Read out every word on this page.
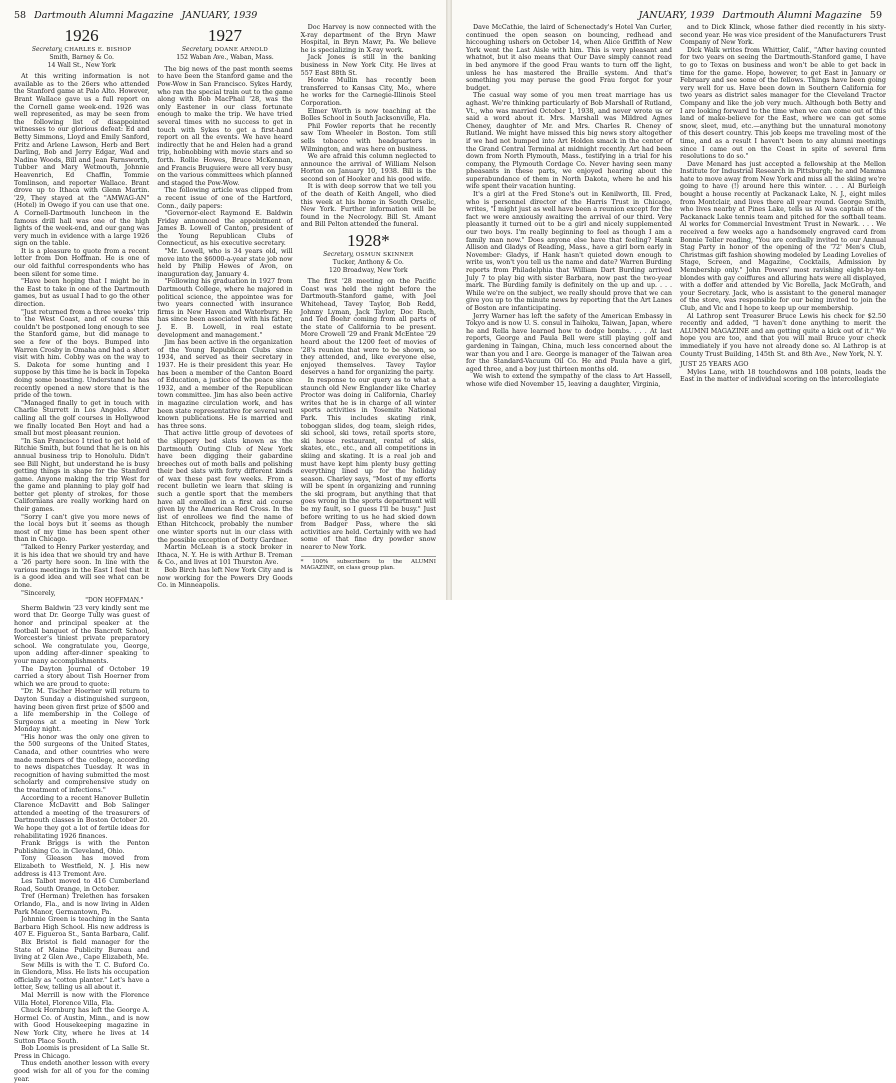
58 Dartmouth Alumni Magazine JANUARY, 1939
1926
Secretary, CHARLES E. BISHOP
Smith, Barney & Co.
14 Wall St., New York

At this writing information is not available as to the 26ers who attended the Stanford game at Palo Alto. However, Brant Wallace gave us a full report on the Cornell game week-end. 1926 was well represented, as may be seen from the following list of disappointed witnesses to our glorious defeat: Ed and Betty Simmons, Lloyd and Emily Sanford, Fritz and Arlene Lawson, Herb and Bert Darling, Bob and Jerry Edgar, Wad and Nadine Woods, Bill and Jean Farnsworth, Tubber and Mary Wetmouth, Johnnie Heavenrich, Ed Chaffin, Tommie Tomlinson, and reporter Wallace. Brant drove up to Ithaca with Glenn Martin. '29, They stayed at the "AMWAG-AN" (Hotel) in Owego if you can use that one. A Cornell-Dartmouth luncheon in the famous drill hall was one of the high lights of the week-end, and our gang was very much in evidence with a large 1926 sign on the table.

It is a pleasure to quote from a recent letter from Don Hoffman. He is one of our old faithful correspondents who has been silent for some time.

"Have been hoping that I might be in the East to take in one of the Dartmouth games, but as usual I had to go the other direction.

"Just returned from a three weeks' trip to the West Coast, and of course this couldn't be postponed long enough to see the Stanford game, but did manage to see a few of the boys. Bumped into Warren Crosby in Omaha and had a short visit with him. Cobby was on the way to S. Dakota for some hunting and I suppose by this time he is back in Topeka doing some boasting. Understand he has recently opened a new store that is the pride of the town.

"Managed finally to get in touch with Charlie Sturrett in Los Angeles. After calling all the golf courses in Hollywood we finally located Ben Hoyt and had a small but most pleasant reunion.

"In San Francisco I tried to get hold of Ritchie Smith, but found that he is on his annual business trip to Honolulu. Didn't see Bill Night, but understand he is busy getting things in shape for the Stanford game. Anyone making the trip West for the game and planning to play golf had better get plenty of strokes, for those Californians are really working hard on their games.

"Sorry I can't give you more news of the local boys but it seems as though most of my time has been spent other than in Chicago.

"Talked to Henry Parker yesterday, and it is his idea that we should try and have a '26 party here soon. In line with the various meetings in the East I feel that it is a good idea and will see what can be done.

"Sincerely,

"DON HOFFMAN."

Sherm Baldwin '23 very kindly sent me word that Dr. George Tully was guest of honor and principal speaker at the football banquet of the Bancroft School, Worcester's tiniest private preparatory school. We congratulate you, George, upon adding after-dinner speaking to your many accomplishments.

The Dayton Journal of October 19 carried a story about Tish Hoerner from which we are proud to quote:

"Dr. M. Tischer Hoerner will return to Dayton Sunday a distinguished surgeon, having been given first prize of $500 and a life membership in the College of Surgeons at a meeting in New York Monday night.

"His honor was the only one given to the 500 surgeons of the United States, Canada, and other countries who were made members of the college, according to news dispatches Tuesday. It was in recognition of having submitted the most scholarly and comprehensive study on the treatment of infections."

According to a recent Hanover Bulletin Clarence McDavitt and Bob Salinger attended a meeting of the treasurers of Dartmouth classes in Boston October 20. We hope they got a lot of fertile ideas for rehabilitating 1926 finances.

Frank Briggs is with the Penton Publishing Co. in Cleveland, Ohio.

Tony Gleason has moved from Elizabeth to Westfield, N. J. His new address is 413 Tremont Ave.

Les Talbot moved to 416 Cumberland Road, South Orange, in October.

Tref (Herman) Trelethen has forsaken Orlando, Fla., and is now living in Alden Park Manor, Germantown, Pa.

Johnnie Green is teaching in the Santa Barbara High School. His new address is 407 E. Figueroa St., Santa Barbara, Calif.

Bix Bristol is field manager for the State of Maine Publicity Bureau and living at 2 Glen Ave., Cape Elizabeth, Me.

Sew Mills is with the T. C. Buford Co. in Glendora, Miss. He lists his occupation officially as "cotton planter." Let's have a letter, Sew, telling us all about it.

Mal Merrill is now with the Florence Villa Hotel, Florence Villa, Fla.

Chuck Hornburg has left the George A. Hormel Co. of Austin, Minn., and is now with Good Housekeeping magazine in New York City, where he lives at 14 Sutton Place South.

Bob Loomis is president of La Salle St. Press in Chicago.

Thus endeth another lesson with every good wish for all of you for the coming year.

1927
Secretary, DOANE ARNOLD
152 Waban Ave., Waban, Mass.

The big news of the past month seems to have been the Stanford game and the Pow-Wow in San Francisco. Sykes Hardy, who ran the special train out to the game along with Bob MacPhail '28, was the only Eastener in our class fortunate enough to make the trip. We have tried several times with no success to get in touch with Sykes to get a first-hand report on all the events. We have heard indirectly that he and Helen had a grand trip, hobnobbing with movie stars and so forth. Rollie Howes, Bruce McKennan, and Francis Bruguiere were all very busy on the various committees which planned and staged the Pow-Wow.

The following article was clipped from a recent issue of one of the Hartford, Conn., daily papers:

"Governor-elect Raymond E. Baldwin Friday announced the appointment of James B. Lowell of Canton, president of the Young Republican Clubs of Connecticut, as his executive secretary.

"Mr. Lowell, who is 34 years old, will move into the $6000-a-year state job now held by Philip Hewes of Avon, on inauguration day, January 4.

"Following his graduation in 1927 from Dartmouth College, where he majored in political science, the appointee was for two years connected with insurance firms in New Haven and Waterbury. He has since been associated with his father, J. E. B. Lowell, in real estate development and management."

Jim has been active in the organization of the Young Republican Clubs since 1934, and served as their secretary in 1937. He is their president this year. He has been a member of the Canton Board of Education, a justice of the peace since 1932, and a member of the Republican town committee. Jim has also been active in magazine circulation work, and has been state representative for several well known publications. He is married and has three sons.

That active little group of devotees of the slippery bed slats known as the Dartmouth Outing Club of New York have been digging their gabardine breeches out of moth balls and polishing their bed slats with forty different kinds of wax these past few weeks. From a recent bulletin we learn that skiing is such a gentle sport that the members have all enrolled in a first aid course given by the American Red Cross. In the list of enrollees we find the name of Ethan Hitchcock, probably the number one winter sports nut in our class with the possible exception of Dotty Gardner.

Martin McLean is a stock broker in Ithaca, N. Y. He is with Arthur B. Treman & Co., and lives at 101 Thurston Ave.

Bob Birch has left New York City and is now working for the Powers Dry Goods Co. in Minneapolis.

Doc Harvey is now connected with the X-ray department of the Bryn Mawr Hospital, in Bryn Mawr, Pa. We believe he is specializing in X-ray work.

Jack Jones is still in the banking business in New York City. He lives at 557 East 88th St.

Howie Mullin has recently been transferred to Kansas City, Mo., where he works for the Carnegie-Illinois Steel Corporation.

Elmer Worth is now teaching at the Bolles School in South Jacksonville, Fla.

Phil Fowler reports that he recently saw Tom Wheeler in Boston. Tom still sells tobacco with headquarters in Wilmington, and was here on business.

We are afraid this column neglected to announce the arrival of William Nelson Horton on January 10, 1938. Bill is the second son of Hooker and his good wife.

It is with deep sorrow that we tell you of the death of Keith Angell, who died this week at his home in South Orselic, New York. Further information will be found in the Necrology. Bill St. Amant and Bill Pelton attended the funeral.

1928*
Secretary, OSMUN SKINNER
Tucker, Anthony & Co.
120 Broadway, New York

The first '28 meeting on the Pacific Coast was held the night before the Dartmouth-Stanford game, with Joel Whitehead, Tavey Taylor, Bob Redd, Johnny Lyman, Jack Taylor, Doc Ruch, and Ted Boehr coming from all parts of the state of California to be present. More Crowell '29 and Frank McEntee '29 heard about the 1200 feet of movies of '28's reunion that were to be shown, so they attended, and, like everyone else, enjoyed themselves. Tavey Taylor deserves a hand for organizing the party.

In response to our query as to what a staunch old New Englander like Charley Proctor was doing in California, Charley writes that he is in charge of all winter sports activities in Yosemite National Park. This includes skating rink, toboggan slides, dog team, sleigh rides, ski school, ski tows, retail sports store, ski house restaurant, rental of skis, skates, etc., etc., and all competitions in skiing and skating. It is a real job and must have kept him plenty busy getting everything lined up for the holiday season. Charley says, "Most of my efforts will be spent in organizing and running the ski program, but anything that that goes wrong in the sports department will be my fault, so I guess I'll be busy." Just before writing to us he had skied down from Badger Pass, where the ski activities are held. Certainly with we had some of that fine dry powder snow nearer to New York.

* 100% subscribers to the ALUMNI MAGAZINE, on class group plan.
JANUARY, 1939 Dartmouth Alumni Magazine 59

Dave McCathie, the laird of Schenectady's Hotel Van Curler, continued the open season on bouncing, redhead and hiccoughing ushers on October 14, when Alice Griffith of New York went the Last Aisle with him. This is very pleasant and whatnot, but it also means that Our Dave simply cannot read in bed anymore if the good Frau wants to turn off the light, unless he has mastered the Braille system. And that's something you may peruse the good Frau forgot for your budget.

The casual way some of you men treat marriage has us aghast. We're thinking particularly of Bob Marshall of Rutland, Vt., who was married October 1, 1938, and never wrote us or said a word about it. Mrs. Marshall was Mildred Agnes Cheney, daughter of Mr. and Mrs. Charles R. Cheney of Rutland. We might have missed this big news story altogether if we had not bumped into Art Holden smack in the center of the Grand Central Terminal at midnight recently. Art had been down from North Plymouth, Mass., testifying in a trial for his company, the Plymouth Cordage Co. Never having seen many pheasants in these parts, we enjoyed hearing about the superabundance of them in North Dakota, where he and his wife spent their vacation hunting.

It's a girl at the Fred Stone's out in Kenilworth, Ill. Fred, who is personnel director of the Harris Trust in Chicago, writes, "I might just as well have been a reunion except for the fact we were anxiously awaiting the arrival of our third. Very pleasantly it turned out to be a girl and nicely supplemented our two boys. I'm really beginning to feel as though I am a family man now." Does anyone else have that feeling? Hank Allison and Gladys of Reading, Mass., have a girl born early in November: Gladys, if Hank hasn't quieted down enough to write us, won't you tell us the name and date? Warren Burding reports from Philadelphia that William Dart Burding arrived July 7 to play big with sister Barbara, now past the two-year mark. The Burding family is definitely on the up and up. . . . While we're on the subject, we really should prove that we can give you up to the minute news by reporting that the Art Lanes of Boston are infanticipating.

Jerry Warner has left the safety of the American Embassy in Tokyo and is now U. S. consul in Taihoku, Taiwan, Japan, where he and Rella have learned how to dodge bombs. . . . At last reports, George and Paula Bell were still playing golf and gardening in Taingan, China, much less concerned about the war than you and I are. George is manager of the Taiwan area for the Standard-Vacuum Oil Co. He and Paula have a girl, aged three, and a boy just thirteen months old.

We wish to extend the sympathy of the class to Art Hassell, whose wife died November 15, leaving a daughter, Virginia,

and to Dick Klinck, whose father died recently in his sixty-second year. He was vice president of the Manufacturers Trust Company of New York.

Dick Walk writes from Whittier, Calif., "After having counted for two years on seeing the Dartmouth-Stanford game, I have to go to Texas on business and won't be able to get back in time for the game. Hope, however, to get East in January or February and see some of the fellows. Things have been going very well for us. Have been down in Southern California for two years as district sales manager for the Cleveland Tractor Company and like the job very much. Although both Betty and I are looking forward to the time when we can come out of this land of make-believe for the East, where we can get some snow, sleet, mud, etc.—anything but the unnatural monotony of this desert country. This job keeps me traveling most of the time, and as a result I haven't been to any alumni meetings since I came out on the Coast in spite of several firm resolutions to do so."

Dave Menard has just accepted a fellowship at the Mellon Institute for Industrial Research in Pittsburgh; he and Mamma hate to move away from New York and miss all the skiing we're going to have (!) around here this winter. . . . Al Burleigh bought a house recently at Packanack Lake, N. J., eight miles from Montclair, and lives there all year round. George Smith, who lives nearby at Pines Lake, tells us Al was captain of the Packanack Lake tennis team and pitched for the softball team. Al works for Commercial Investment Trust in Newark. . . . We received a few weeks ago a handsomely engraved card from Bonnie Teller reading, "You are cordially invited to our Annual Stag Party in honor of the opening of the '72' Men's Club, Christmas gift fashion showing modeled by Leading Lovelies of Stage, Screen, and Magazine, Cocktails, Admission by Membership only." John Powers' most ravishing eight-by-ten blondes with gay coiffures and alluring hats were all displayed, with a doffer and attended by Vic Borella, Jack McGrath, and your Secretary. Jack, who is assistant to the general manager of the store, was responsible for our being invited to join the Club, and Vic and I hope to keep up our membership.

Al Lathrop sent Treasurer Bruce Lewis his check for $2.50 recently and added, "I haven't done anything to merit the ALUMNI MAGAZINE and am getting quite a kick out of it." We hope you are too, and that you will mail Bruce your check immediately if you have not already done so. Al Lathrop is at County Trust Building, 145th St. and 8th Ave., New York, N. Y.

JUST 25 YEARS AGO

Myles Lane, with 18 touchdowns and 108 points, leads the East in the matter of individual scoring on the intercollegiate
